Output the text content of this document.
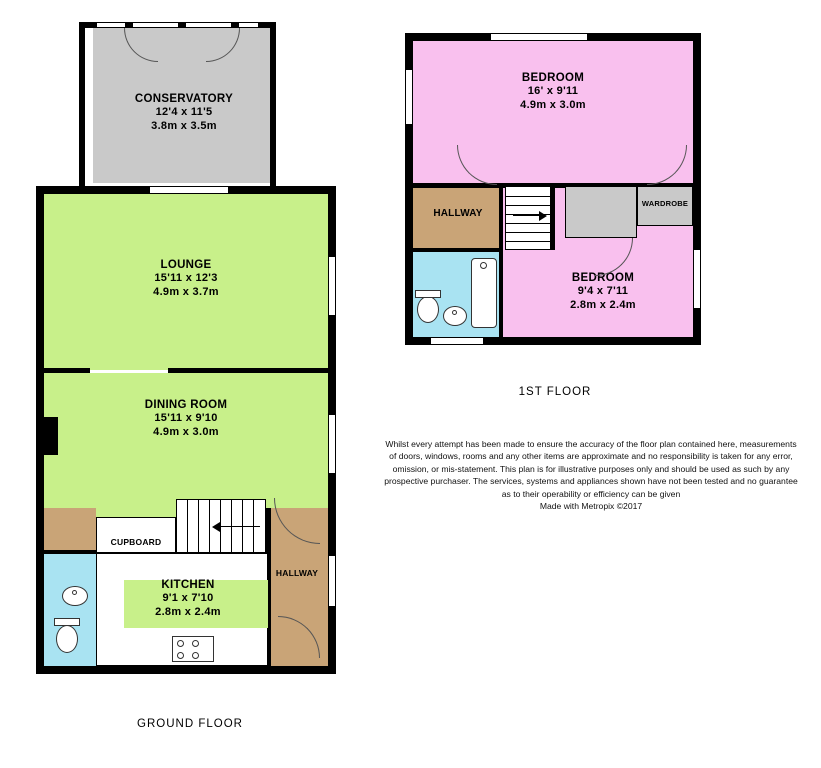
LOUNGE
15'11 x 12'3
4.9m x 3.7m
CONSERVATORY
12'4 x 11'5
3.8m x 3.5m
DINING ROOM
15'11 x 9'10
4.9m x 3.0m
CUPBOARD
HALLWAY
KITCHEN
9'1 x 7'10
2.8m x 2.4m
GROUND FLOOR
BEDROOM
16' x 9'11
4.9m x 3.0m
BEDROOM
9'4 x 7'11
2.8m x 2.4m
HALLWAY
WARDROBE
1ST FLOOR
Whilst every attempt has been made to ensure the accuracy of the floor plan contained here, measurements
of doors, windows, rooms and any other items are approximate and no responsibility is taken for any error,
omission, or mis-statement. This plan is for illustrative purposes only and should be used as such by any
prospective purchaser. The services, systems and appliances shown have not been tested and no guarantee
as to their operability or efficiency can be given
Made with Metropix ©2017
